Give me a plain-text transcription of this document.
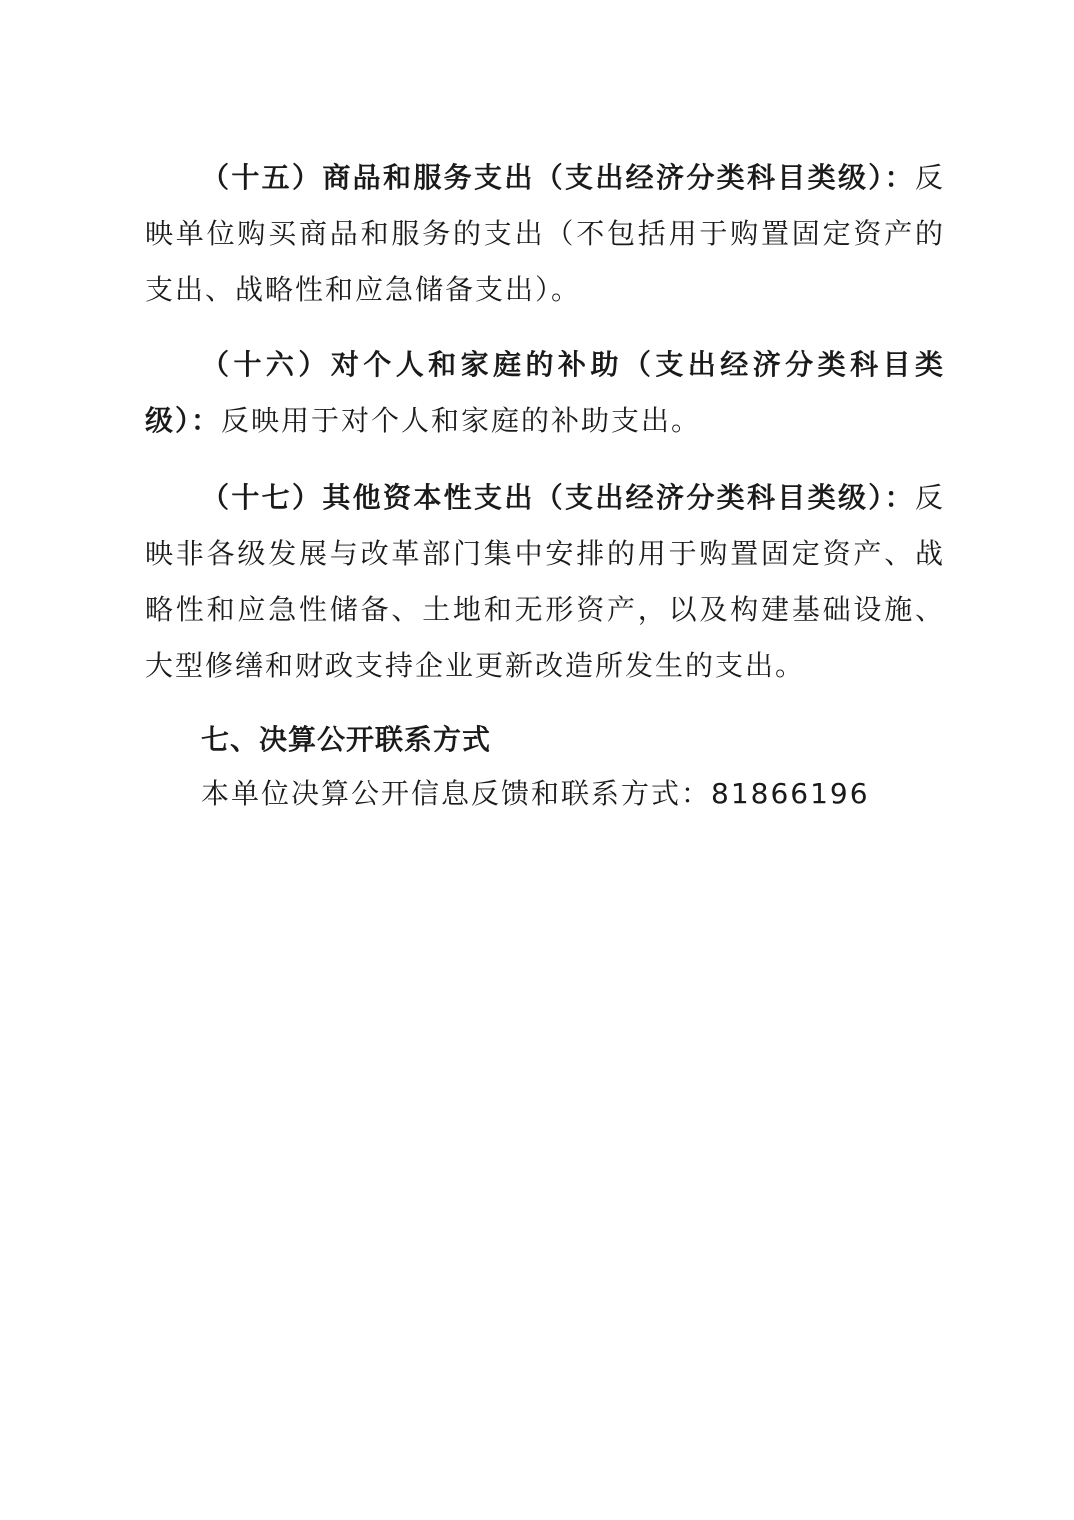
（十五）商品和服务支出（支出经济分类科目类级）：反映单位购买商品和服务的支出（不包括用于购置固定资产的支出、战略性和应急储备支出）。

（十六）对个人和家庭的补助（支出经济分类科目类级）：反映用于对个人和家庭的补助支出。

（十七）其他资本性支出（支出经济分类科目类级）：反映非各级发展与改革部门集中安排的用于购置固定资产、战略性和应急性储备、土地和无形资产，以及构建基础设施、大型修缮和财政支持企业更新改造所发生的支出。

七、决算公开联系方式

本单位决算公开信息反馈和联系方式：81866196
